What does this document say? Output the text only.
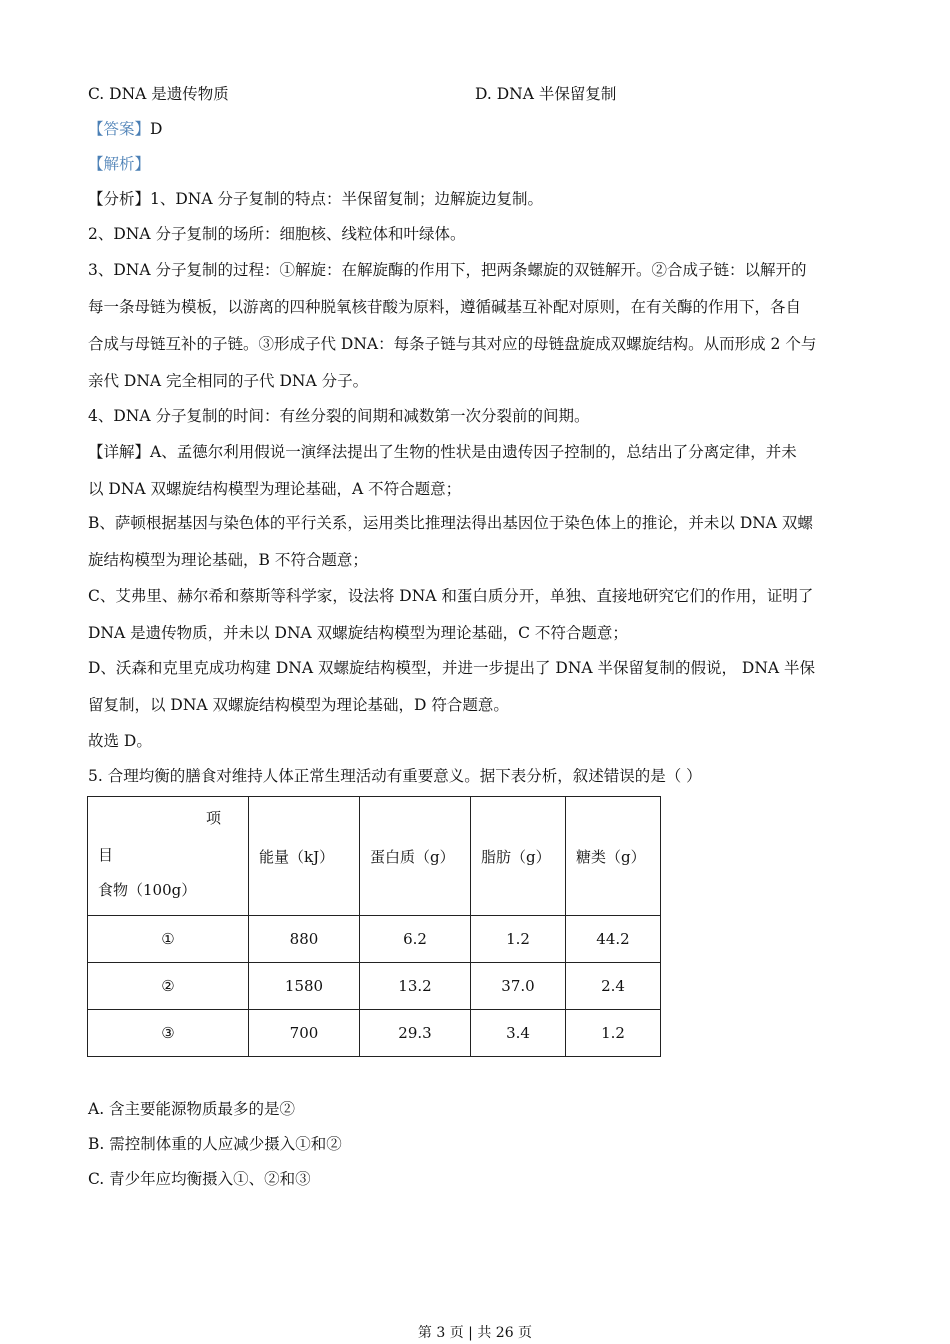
C. DNA 是遗传物质	D. DNA 半保留复制
【答案】D
【解析】
【分析】1、DNA 分子复制的特点：半保留复制；边解旋边复制。
2、DNA 分子复制的场所：细胞核、线粒体和叶绿体。
3、DNA 分子复制的过程：①解旋：在解旋酶的作用下，把两条螺旋的双链解开。②合成子链：以解开的
每一条母链为模板，以游离的四种脱氧核苷酸为原料，遵循碱基互补配对原则，在有关酶的作用下，各自
合成与母链互补的子链。③形成子代 DNA：每条子链与其对应的母链盘旋成双螺旋结构。从而形成 2 个与
亲代 DNA 完全相同的子代 DNA 分子。
4、DNA 分子复制的时间：有丝分裂的间期和减数第一次分裂前的间期。
【详解】A、孟德尔利用假说一演绎法提出了生物的性状是由遗传因子控制的，总结出了分离定律，并未
以 DNA 双螺旋结构模型为理论基础，A 不符合题意；
B、萨顿根据基因与染色体的平行关系，运用类比推理法得出基因位于染色体上的推论，并未以 DNA 双螺
旋结构模型为理论基础，B 不符合题意；
C、艾弗里、赫尔希和蔡斯等科学家，设法将 DNA 和蛋白质分开，单独、直接地研究它们的作用，证明了
DNA 是遗传物质，并未以 DNA 双螺旋结构模型为理论基础，C 不符合题意；
D、沃森和克里克成功构建 DNA 双螺旋结构模型，并进一步提出了 DNA 半保留复制的假说， DNA 半保
留复制，以 DNA 双螺旋结构模型为理论基础，D 符合题意。
故选 D。
5. 合理均衡的膳食对维持人体正常生理活动有重要意义。据下表分析，叙述错误的是（ ）
项
目
食物（100g）	能量（kJ）	蛋白质（g）	脂肪（g）	糖类（g）
①	880	6.2	1.2	44.2
②	1580	13.2	37.0	2.4
③	700	29.3	3.4	1.2
A. 含主要能源物质最多的是②
B. 需控制体重的人应减少摄入①和②
C. 青少年应均衡摄入①、②和③
第 3 页 | 共 26 页
